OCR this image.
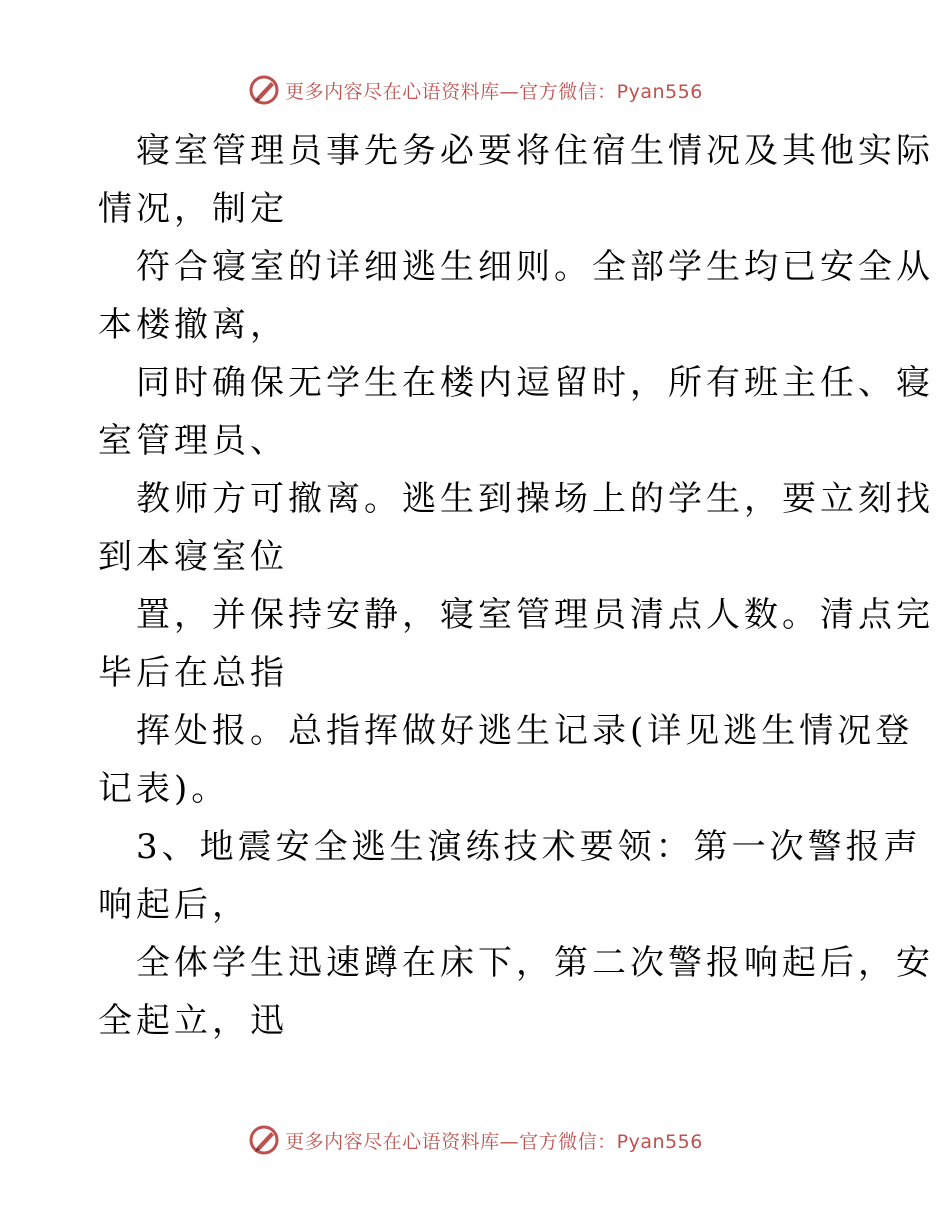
更多内容尽在心语资料库—官方微信：Pyan556
寝室管理员事先务必要将住宿生情况及其他实际
情况，制定
符合寝室的详细逃生细则。全部学生均已安全从
本楼撤离，
同时确保无学生在楼内逗留时，所有班主任、寝
室管理员、
教师方可撤离。逃生到操场上的学生，要立刻找
到本寝室位
置，并保持安静，寝室管理员清点人数。清点完
毕后在总指
挥处报。总指挥做好逃生记录(详见逃生情况登
记表)。
3、地震安全逃生演练技术要领：第一次警报声
响起后，
全体学生迅速蹲在床下，第二次警报响起后，安
全起立，迅
更多内容尽在心语资料库—官方微信：Pyan556
